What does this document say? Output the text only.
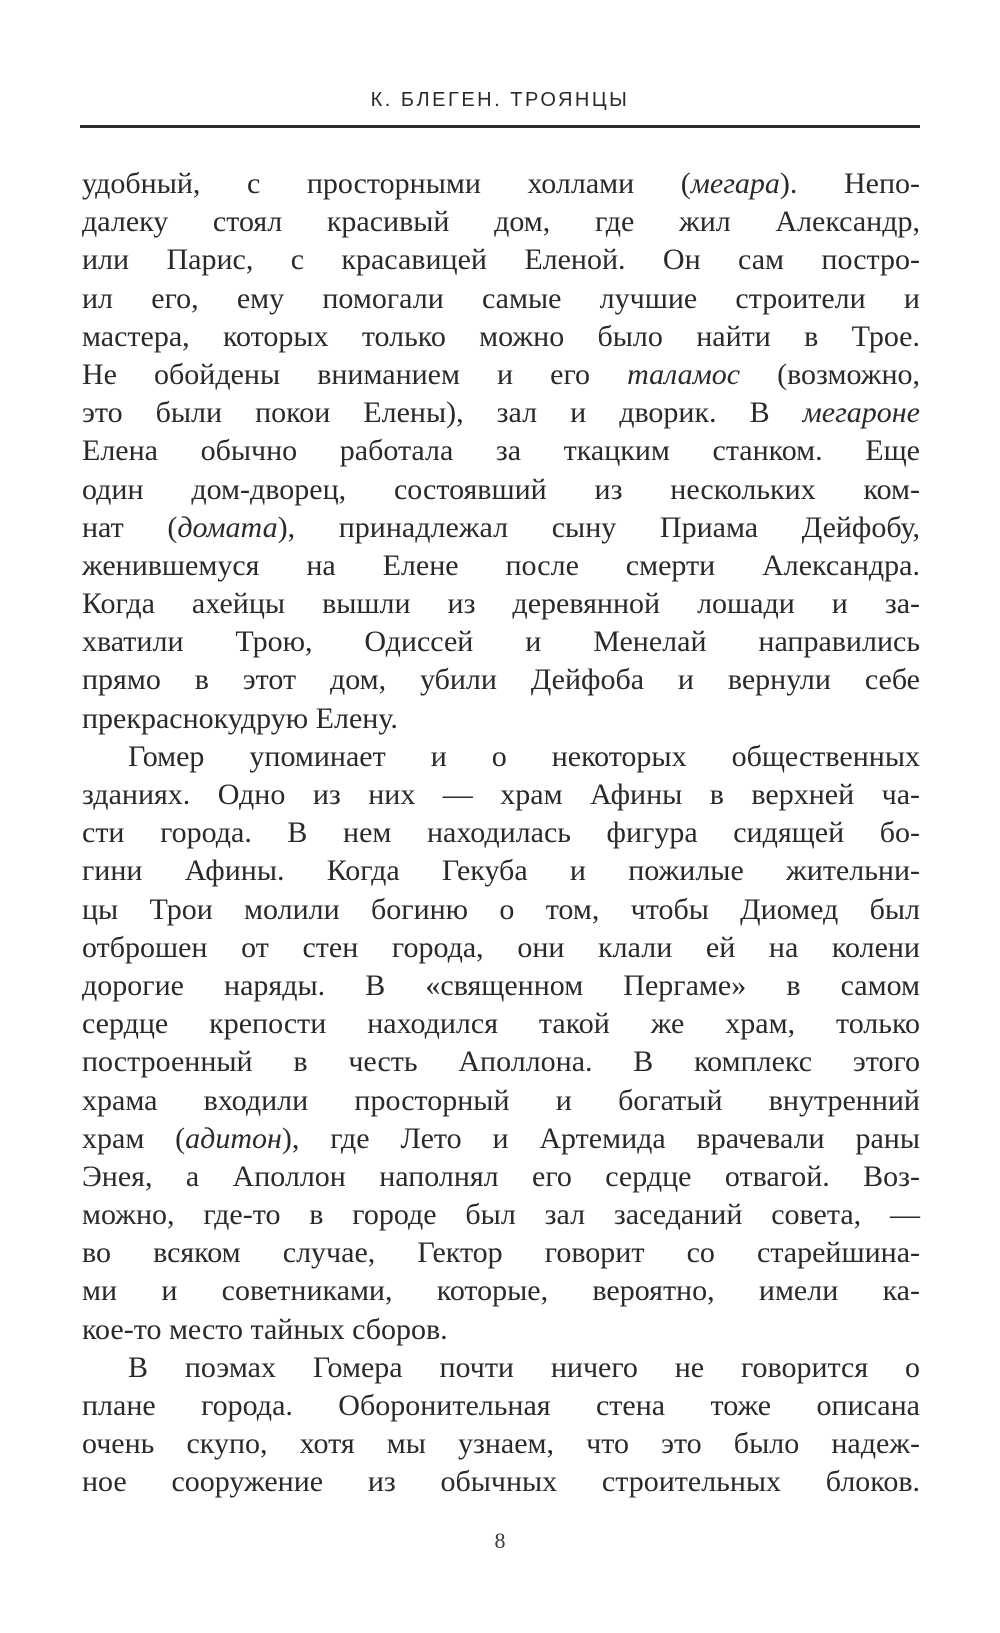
К. БЛЕГЕН. ТРОЯНЦЫ
удобный, с просторными холлами (мегара). Непо-
далеку стоял красивый дом, где жил Александр,
или Парис, с красавицей Еленой. Он сам постро-
ил его, ему помогали самые лучшие строители и
мастера, которых только можно было найти в Трое.
Не обойдены вниманием и его таламос (возможно,
это были покои Елены), зал и дворик. В мегароне
Елена обычно работала за ткацким станком. Еще
один дом-дворец, состоявший из нескольких ком-
нат (домата), принадлежал сыну Приама Дейфобу,
женившемуся на Елене после смерти Александра.
Когда ахейцы вышли из деревянной лошади и за-
хватили Трою, Одиссей и Менелай направились
прямо в этот дом, убили Дейфоба и вернули себе
прекраснокудрую Елену.
Гомер упоминает и о некоторых общественных
зданиях. Одно из них — храм Афины в верхней ча-
сти города. В нем находилась фигура сидящей бо-
гини Афины. Когда Гекуба и пожилые жительни-
цы Трои молили богиню о том, чтобы Диомед был
отброшен от стен города, они клали ей на колени
дорогие наряды. В «священном Пергаме» в самом
сердце крепости находился такой же храм, только
построенный в честь Аполлона. В комплекс этого
храма входили просторный и богатый внутренний
храм (адитон), где Лето и Артемида врачевали раны
Энея, а Аполлон наполнял его сердце отвагой. Воз-
можно, где-то в городе был зал заседаний совета, —
во всяком случае, Гектор говорит со старейшина-
ми и советниками, которые, вероятно, имели ка-
кое-то место тайных сборов.
В поэмах Гомера почти ничего не говорится о
плане города. Оборонительная стена тоже описана
очень скупо, хотя мы узнаем, что это было надеж-
ное сооружение из обычных строительных блоков.
8
